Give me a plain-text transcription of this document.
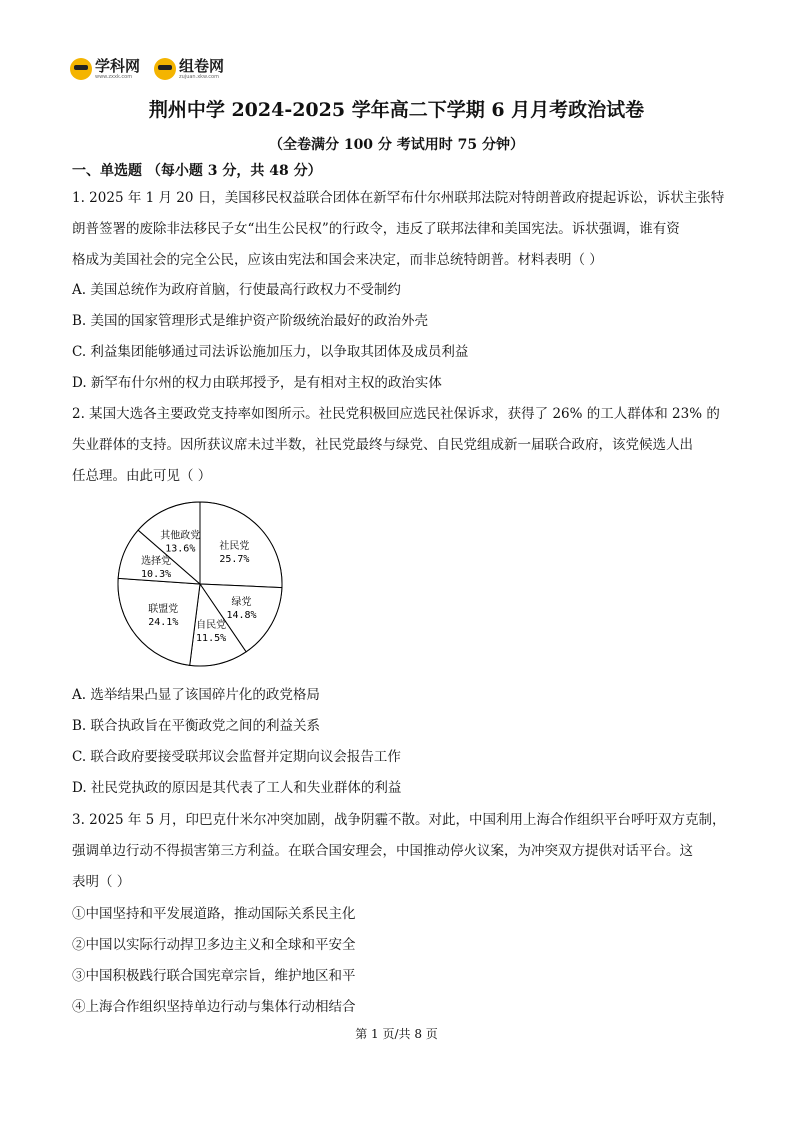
学科网
www.zxxk.com
组卷网
zujuan.xkw.com
荆州中学 2024-2025 学年高二下学期 6 月月考政治试卷
（全卷满分 100 分 考试用时 75 分钟）
一、单选题 （每小题 3 分，共 48 分）
1. 2025 年 1 月 20 日，美国移民权益联合团体在新罕布什尔州联邦法院对特朗普政府提起诉讼，诉状主张特
朗普签署的废除非法移民子女“出生公民权”的行政令，违反了联邦法律和美国宪法。诉状强调，谁有资
格成为美国社会的完全公民，应该由宪法和国会来决定，而非总统特朗普。材料表明（ ）
A. 美国总统作为政府首脑，行使最高行政权力不受制约
B. 美国的国家管理形式是维护资产阶级统治最好的政治外壳
C. 利益集团能够通过司法诉讼施加压力，以争取其团体及成员利益
D. 新罕布什尔州的权力由联邦授予，是有相对主权的政治实体
2. 某国大选各主要政党支持率如图所示。社民党积极回应选民社保诉求，获得了 26% 的工人群体和 23% 的
失业群体的支持。因所获议席未过半数，社民党最终与绿党、自民党组成新一届联合政府，该党候选人出
任总理。由此可见（ ）
社民党
25.7%
绿党
14.8%
自民党
11.5%
联盟党
24.1%
选择党
10.3%
其他政党
13.6%
A. 选举结果凸显了该国碎片化的政党格局
B. 联合执政旨在平衡政党之间的利益关系
C. 联合政府要接受联邦议会监督并定期向议会报告工作
D. 社民党执政的原因是其代表了工人和失业群体的利益
3. 2025 年 5 月，印巴克什米尔冲突加剧，战争阴霾不散。对此，中国利用上海合作组织平台呼吁双方克制，
强调单边行动不得损害第三方利益。在联合国安理会，中国推动停火议案，为冲突双方提供对话平台。这
表明（ ）
①中国坚持和平发展道路，推动国际关系民主化
②中国以实际行动捍卫多边主义和全球和平安全
③中国积极践行联合国宪章宗旨，维护地区和平
④上海合作组织坚持单边行动与集体行动相结合
第 1 页/共 8 页
